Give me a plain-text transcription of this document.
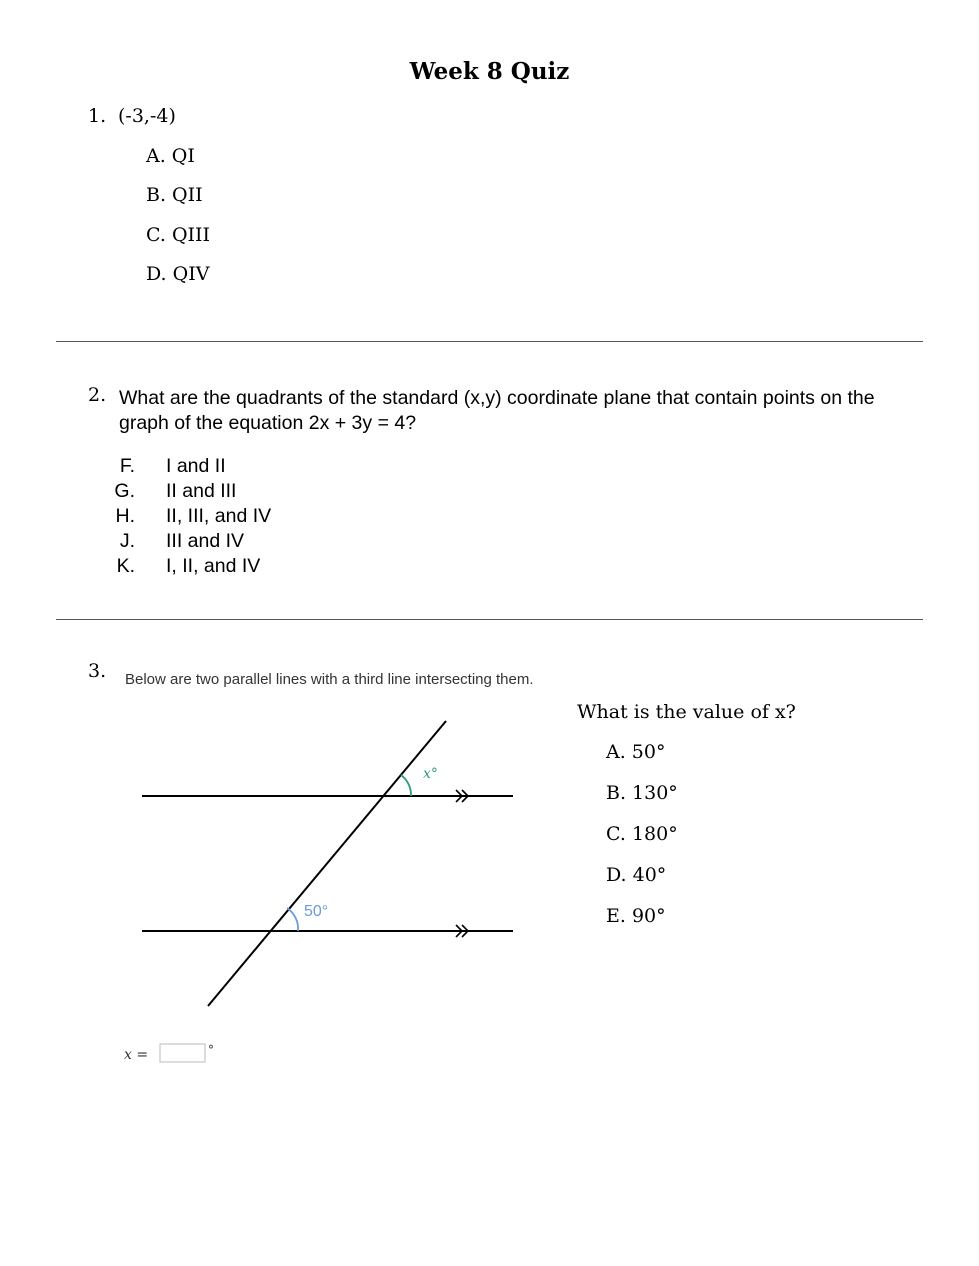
Week 8 Quiz
1. (-3,-4)
A. QI
B. QII
C. QIII
D. QIV
2. What are the quadrants of the standard (x,y) coordinate plane that contain points on the graph of the equation 2x + 3y = 4?
F. I and II
G. II and III
H. II, III, and IV
J. III and IV
K. I, II, and IV
3. Below are two parallel lines with a third line intersecting them.
What is the value of x?
A. 50°
B. 130°
C. 180°
D. 40°
E. 90°
x°
50°
x =	°
